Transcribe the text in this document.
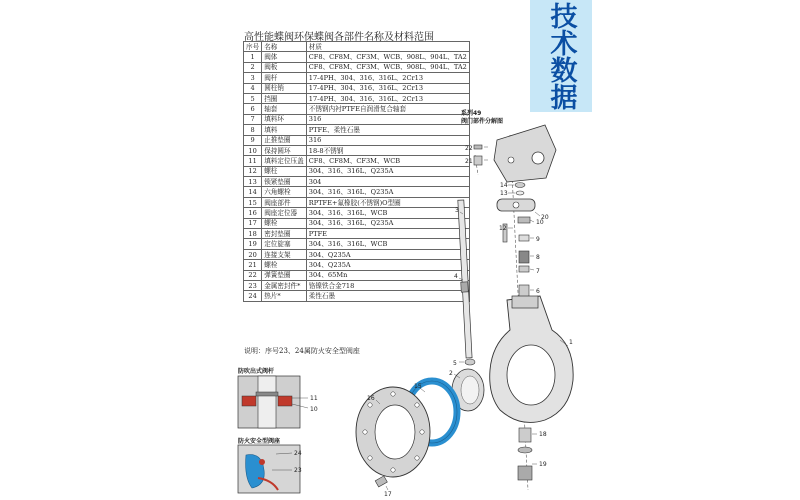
技术数据
高性能蝶阀环保蝶阀各部件名称及材料范围
序号	名称	材质
1	阀体	CF8、CF8M、CF3M、WCB、908L、904L、TA2
2	阀板	CF8、CF8M、CF3M、WCB、908L、904L、TA2
3	阀杆	17-4PH、304、316、316L、2Cr13
4	圆柱销	17-4PH、304、316、316L、2Cr13
5	挡圈	17-4PH、304、316、316L、2Cr13
6	轴套	不锈钢内衬PTFE自润滑复合轴套
7	填料环	316
8	填料	PTFE、柔性石墨
9	止推垫圈	316
10	保持圆环	18-8不锈钢
11	填料定位压盖	CF8、CF8M、CF3M、WCB
12	螺柱	304、316、316L、Q235A
13	锁紧垫圈	304
14	六角螺栓	304、316、316L、Q235A
15	阀座部件	RPTFE+氟橡胶(不锈钢)O型圈
16	阀座定位器	304、316、316L、WCB
17	螺栓	304、316、316L、Q235A
18	密封垫圈	PTFE
19	定位旋塞	304、316、316L、WCB
20	连接支架	304、Q235A
21	螺栓	304、Q235A
22	弹簧垫圈	304、65Mn
23	金属密封件*	铬镍铁合金718
24	热片*	柔性石墨
说明：序号23、24属防火安全型阀座
系列49
阀门部件分解图
防吹出式阀杆
防火安全型阀座
22
21
14
13
20
12
10
9
8
7
6
5
4
3
1
2
15
16
11
10
24
23
17
18
19
